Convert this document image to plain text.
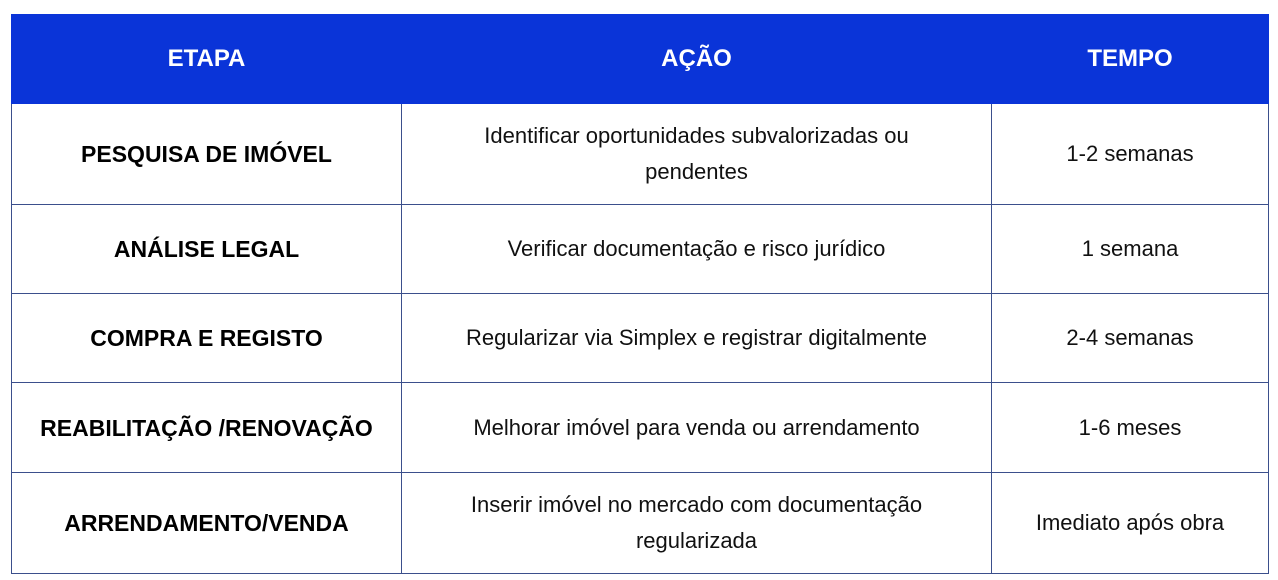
ETAPA	AÇÃO	TEMPO
PESQUISA DE IMÓVEL	Identificar oportunidades subvalorizadas ou pendentes	1-2 semanas
ANÁLISE LEGAL	Verificar documentação e risco jurídico	1 semana
COMPRA E REGISTO	Regularizar via Simplex e registrar digitalmente	2-4 semanas
REABILITAÇÃO /RENOVAÇÃO	Melhorar imóvel para venda ou arrendamento	1-6 meses
ARRENDAMENTO/VENDA	Inserir imóvel no mercado com documentação regularizada	Imediato após obra
